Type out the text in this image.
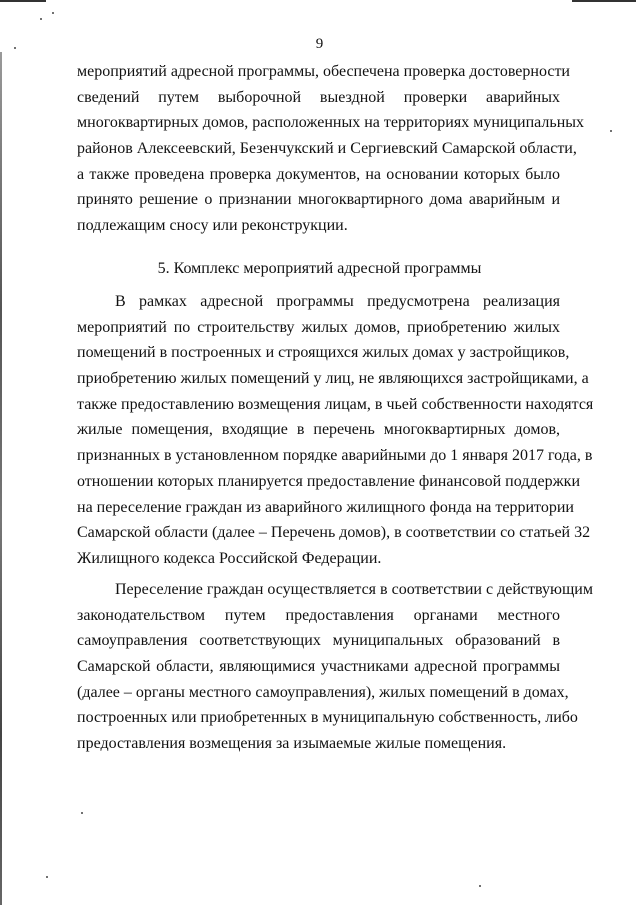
9
мероприятий адресной программы, обеспечена проверка достоверности
сведений путем выборочной выездной проверки аварийных
многоквартирных домов, расположенных на территориях муниципальных
районов Алексеевский, Безенчукский и Сергиевский Самарской области,
а также проведена проверка документов, на основании которых было
принято решение о признании многоквартирного дома аварийным и
подлежащим сносу или реконструкции.
5. Комплекс мероприятий адресной программы
В рамках адресной программы предусмотрена реализация
мероприятий по строительству жилых домов, приобретению жилых
помещений в построенных и строящихся жилых домах у застройщиков,
приобретению жилых помещений у лиц, не являющихся застройщиками, а
также предоставлению возмещения лицам, в чьей собственности находятся
жилые помещения, входящие в перечень многоквартирных домов,
признанных в установленном порядке аварийными до 1 января 2017 года, в
отношении которых планируется предоставление финансовой поддержки
на переселение граждан из аварийного жилищного фонда на территории
Самарской области (далее – Перечень домов), в соответствии со статьей 32
Жилищного кодекса Российской Федерации.
Переселение граждан осуществляется в соответствии с действующим
законодательством путем предоставления органами местного
самоуправления соответствующих муниципальных образований в
Самарской области, являющимися участниками адресной программы
(далее – органы местного самоуправления), жилых помещений в домах,
построенных или приобретенных в муниципальную собственность, либо
предоставления возмещения за изымаемые жилые помещения.
